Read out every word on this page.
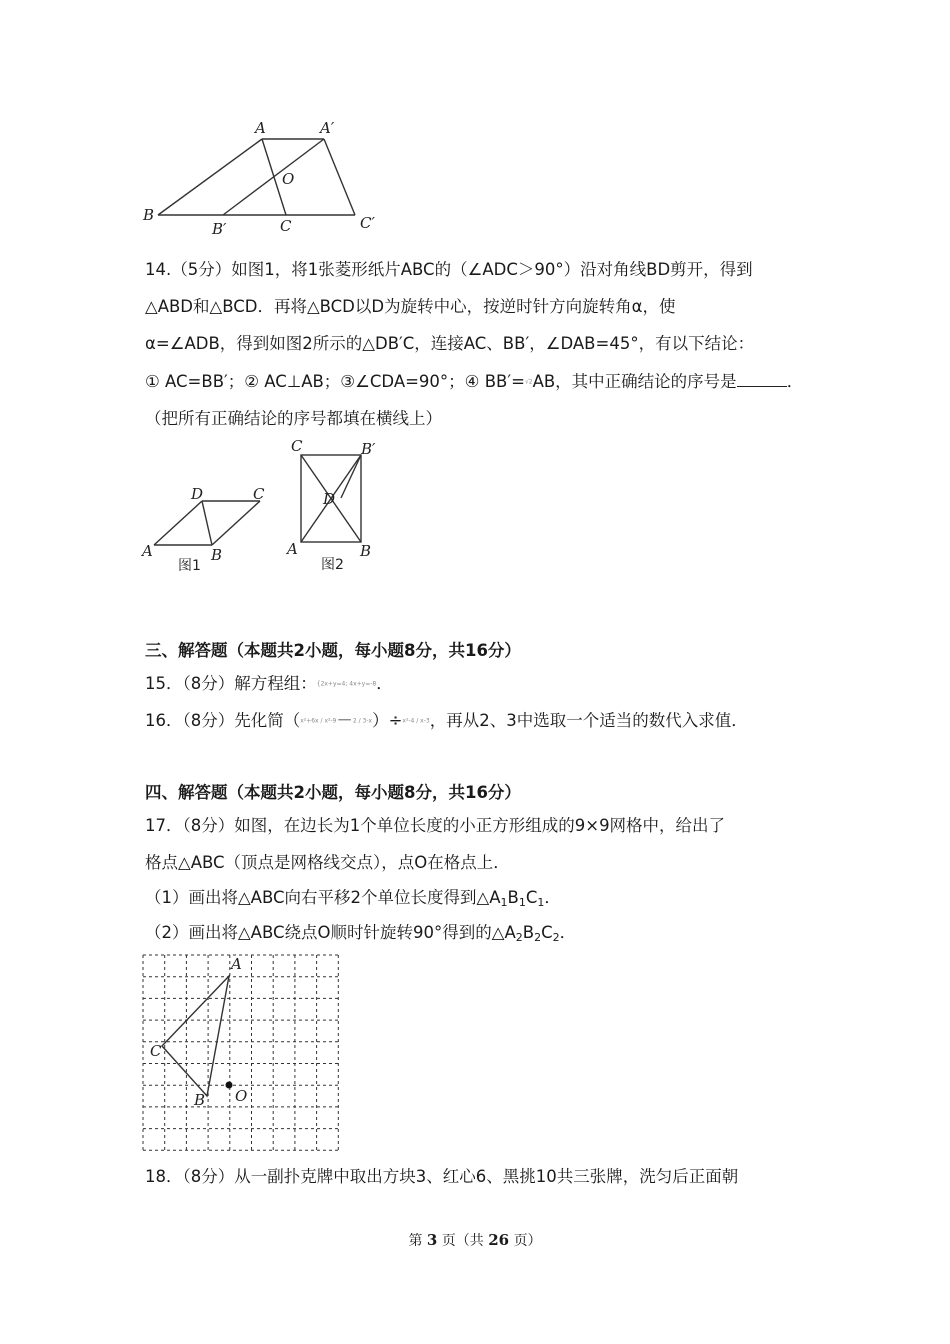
A	A′
O
B
B′	C	C′
14.（5分）如图1，将1张菱形纸片ABC的（∠ADC＞90°）沿对角线BD剪开，得到
△ABD和△BCD．再将△BCD以D为旋转中心，按逆时针方向旋转角α，使
α=∠ADB，得到如图2所示的△DB′C，连接AC、BB′，∠DAB=45°，有以下结论：
① AC=BB′；② AC⊥AB；③∠CDA=90°；④ BB′=√2AB，其中正确结论的序号是	．
（把所有正确结论的序号都填在横线上）
D	C
A	B
图1
C	B′
D
A	B
图2
三、解答题（本题共2小题，每小题8分，共16分）
15．（8分）解方程组：{2x+y=4; 4x+y=-8．
16．（8分）先化简（x²+6x / x²-9－2 / 3-x）÷x²-4 / x-3，再从2、3中选取一个适当的数代入求值．
四、解答题（本题共2小题，每小题8分，共16分）
17．（8分）如图，在边长为1个单位长度的小正方形组成的9×9网格中，给出了
格点△ABC（顶点是网格线交点），点O在格点上．
（1）画出将△ABC向右平移2个单位长度得到$\triangle A_1B_1C_1$．
（2）画出将△ABC绕点O顺时针旋转90°得到的$\triangle A_2B_2C_2$．
A
C
B O
18．（8分）从一副扑克牌中取出方块3、红心6、黑挑10共三张牌，洗匀后正面朝
第 3 页（共 26 页）
